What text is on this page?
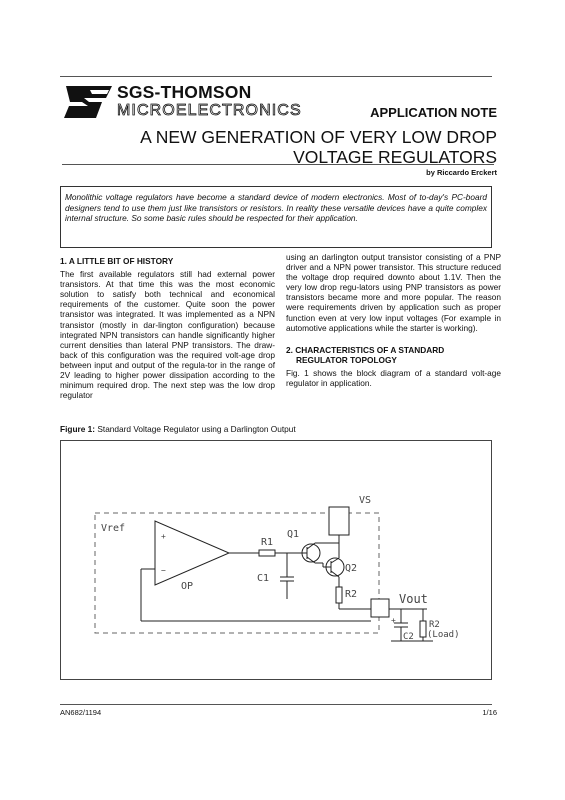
SGS-THOMSON
MICROELECTRONICS	APPLICATION NOTE
A NEW GENERATION OF VERY LOW DROP
VOLTAGE REGULATORS
by Riccardo Erckert
Monolithic voltage regulators have become a standard device of modern electronics. Most of to-day's PC-board designers tend to use them just like transistors or resistors. In reality these versatile devices have a quite complex internal structure. So some basic rules should be respected for their application.
1. A LITTLE BIT OF HISTORY

The first available regulators still had external power transistors. At that time this was the most economic solution to satisfy both technical and economical requirements of the customer. Quite soon the power transistor was integrated. It was implemented as a NPN transistor (mostly in dar-lington configuration) because integrated NPN transistors can handle significantly higher current densities than lateral PNP transistors. The draw-back of this configuration was the required volt-age drop between input and output of the regula-tor in the range of 2V leading to higher power dissipation according to the minimum required drop. The next step was the low drop regulator

using an darlington output transistor consisting of a PNP driver and a NPN power transistor. This structure reduced the voltage drop required downto about 1.1V. Then the very low drop regu-lators using PNP transistors as power transistors became more and more popular. The reason were requirements driven by application such as proper function even at very low input voltages (For example in automotive applications while the starter is working).

2. CHARACTERISTICS OF A STANDARD
REGULATOR TOPOLOGY

Fig. 1 shows the block diagram of a standard volt-age regulator in application.

Figure 1: Standard Voltage Regulator using a Darlington Output
VS
Vref
+
−
OP
R1
Q1
Q2
C1
R2	Vout
+
C2
R2
(Load)
AN682/1194	1/16
